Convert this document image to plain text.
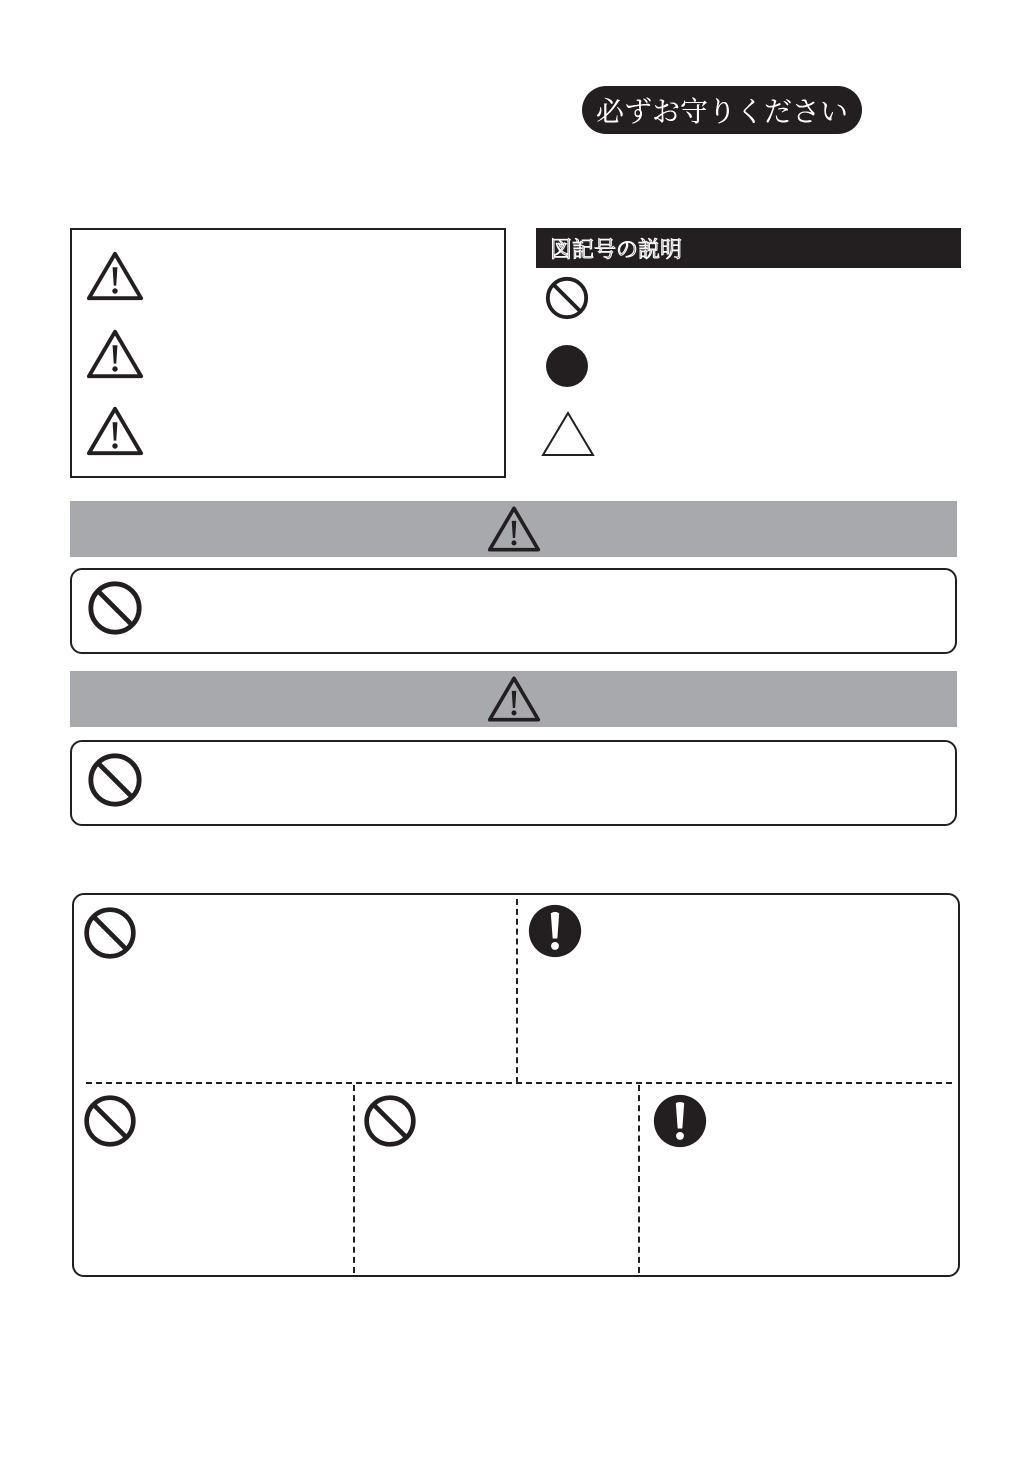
必ずお守りください
図記号の説明
